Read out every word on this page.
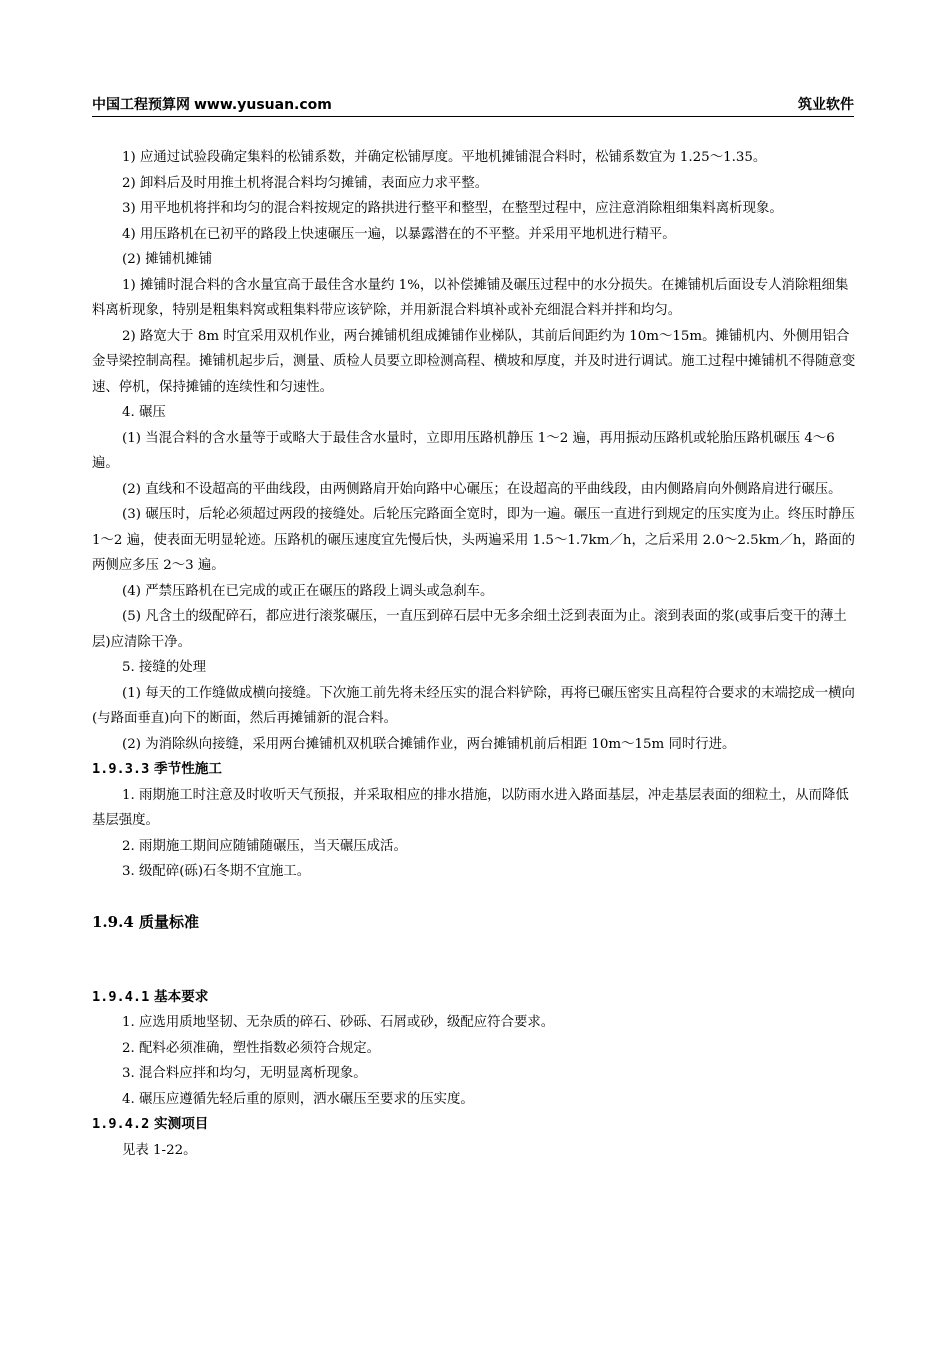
中国工程预算网 www.yusuan.com	筑业软件

1) 应通过试验段确定集料的松铺系数，并确定松铺厚度。平地机摊铺混合料时，松铺系数宜为 1.25～1.35。

2) 卸料后及时用推土机将混合料均匀摊铺，表面应力求平整。

3) 用平地机将拌和均匀的混合料按规定的路拱进行整平和整型，在整型过程中，应注意消除粗细集料离析现象。

4) 用压路机在已初平的路段上快速碾压一遍，以暴露潜在的不平整。并采用平地机进行精平。

(2) 摊铺机摊铺

1) 摊铺时混合料的含水量宜高于最佳含水量约 1%，以补偿摊铺及碾压过程中的水分损失。在摊铺机后面设专人消除粗细集料离析现象，特别是粗集料窝或粗集料带应该铲除，并用新混合料填补或补充细混合料并拌和均匀。

2) 路宽大于 8m 时宜采用双机作业，两台摊铺机组成摊铺作业梯队，其前后间距约为 10m～15m。摊铺机内、外侧用铝合金导梁控制高程。摊铺机起步后，测量、质检人员要立即检测高程、横坡和厚度，并及时进行调试。施工过程中摊铺机不得随意变速、停机，保持摊铺的连续性和匀速性。

4. 碾压

(1) 当混合料的含水量等于或略大于最佳含水量时，立即用压路机静压 1～2 遍，再用振动压路机或轮胎压路机碾压 4～6 遍。

(2) 直线和不设超高的平曲线段，由两侧路肩开始向路中心碾压；在设超高的平曲线段，由内侧路肩向外侧路肩进行碾压。

(3) 碾压时，后轮必须超过两段的接缝处。后轮压完路面全宽时，即为一遍。碾压一直进行到规定的压实度为止。终压时静压 1～2 遍，使表面无明显轮迹。压路机的碾压速度宜先慢后快，头两遍采用 1.5～1.7km／h，之后采用 2.0～2.5km／h，路面的两侧应多压 2～3 遍。

(4) 严禁压路机在已完成的或正在碾压的路段上调头或急刹车。

(5) 凡含土的级配碎石，都应进行滚浆碾压，一直压到碎石层中无多余细土泛到表面为止。滚到表面的浆(或事后变干的薄土层)应清除干净。

5. 接缝的处理

(1) 每天的工作缝做成横向接缝。下次施工前先将未经压实的混合料铲除，再将已碾压密实且高程符合要求的末端挖成一横向(与路面垂直)向下的断面，然后再摊铺新的混合料。

(2) 为消除纵向接缝，采用两台摊铺机双机联合摊铺作业，两台摊铺机前后相距 10m～15m 同时行进。

1.9.3.3 季节性施工

1. 雨期施工时注意及时收听天气预报，并采取相应的排水措施，以防雨水进入路面基层，冲走基层表面的细粒土，从而降低基层强度。

2. 雨期施工期间应随铺随碾压，当天碾压成活。

3. 级配碎(砾)石冬期不宜施工。

1.9.4 质量标准

1.9.4.1 基本要求

1. 应选用质地坚韧、无杂质的碎石、砂砾、石屑或砂，级配应符合要求。

2. 配料必须准确，塑性指数必须符合规定。

3. 混合料应拌和均匀，无明显离析现象。

4. 碾压应遵循先轻后重的原则，洒水碾压至要求的压实度。

1.9.4.2 实测项目

见表 1-22。
